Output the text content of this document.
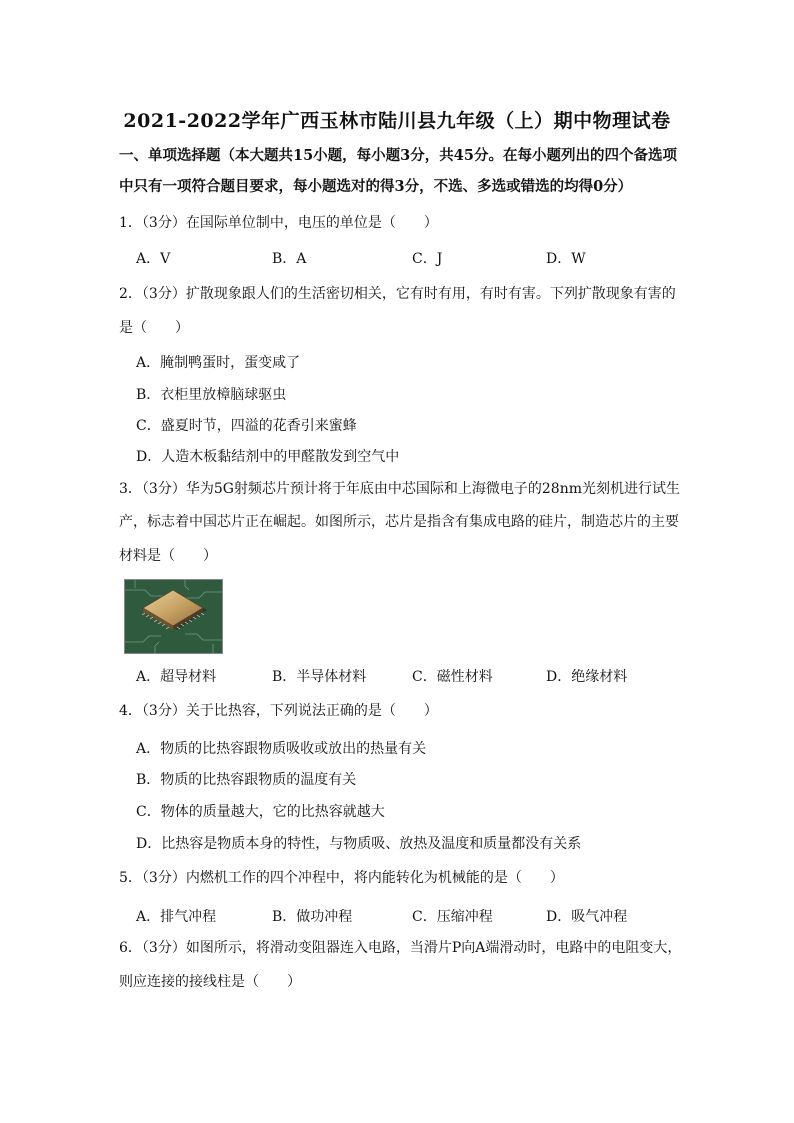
2021-2022学年广西玉林市陆川县九年级（上）期中物理试卷
一、单项选择题（本大题共15小题，每小题3分，共45分。在每小题列出的四个备选项
中只有一项符合题目要求，每小题选对的得3分，不选、多选或错选的均得0分）
1．（3分）在国际单位制中，电压的单位是（　　）
A．V	B．A	C．J	D．W
2．（3分）扩散现象跟人们的生活密切相关，它有时有用，有时有害。下列扩散现象有害的
是（　　）
A．腌制鸭蛋时，蛋变咸了
B．衣柜里放樟脑球驱虫
C．盛夏时节，四溢的花香引来蜜蜂
D．人造木板黏结剂中的甲醛散发到空气中
3．（3分）华为5G射频芯片预计将于年底由中芯国际和上海微电子的28nm光刻机进行试生
产，标志着中国芯片正在崛起。如图所示，芯片是指含有集成电路的硅片，制造芯片的主要
材料是（　　）
A．超导材料	B．半导体材料	C．磁性材料	D．绝缘材料
4．（3分）关于比热容，下列说法正确的是（　　）
A．物质的比热容跟物质吸收或放出的热量有关
B．物质的比热容跟物质的温度有关
C．物体的质量越大，它的比热容就越大
D．比热容是物质本身的特性，与物质吸、放热及温度和质量都没有关系
5．（3分）内燃机工作的四个冲程中，将内能转化为机械能的是（　　）
A．排气冲程	B．做功冲程	C．压缩冲程	D．吸气冲程
6．（3分）如图所示，将滑动变阻器连入电路，当滑片P向A端滑动时，电路中的电阻变大，
则应连接的接线柱是（　　）
